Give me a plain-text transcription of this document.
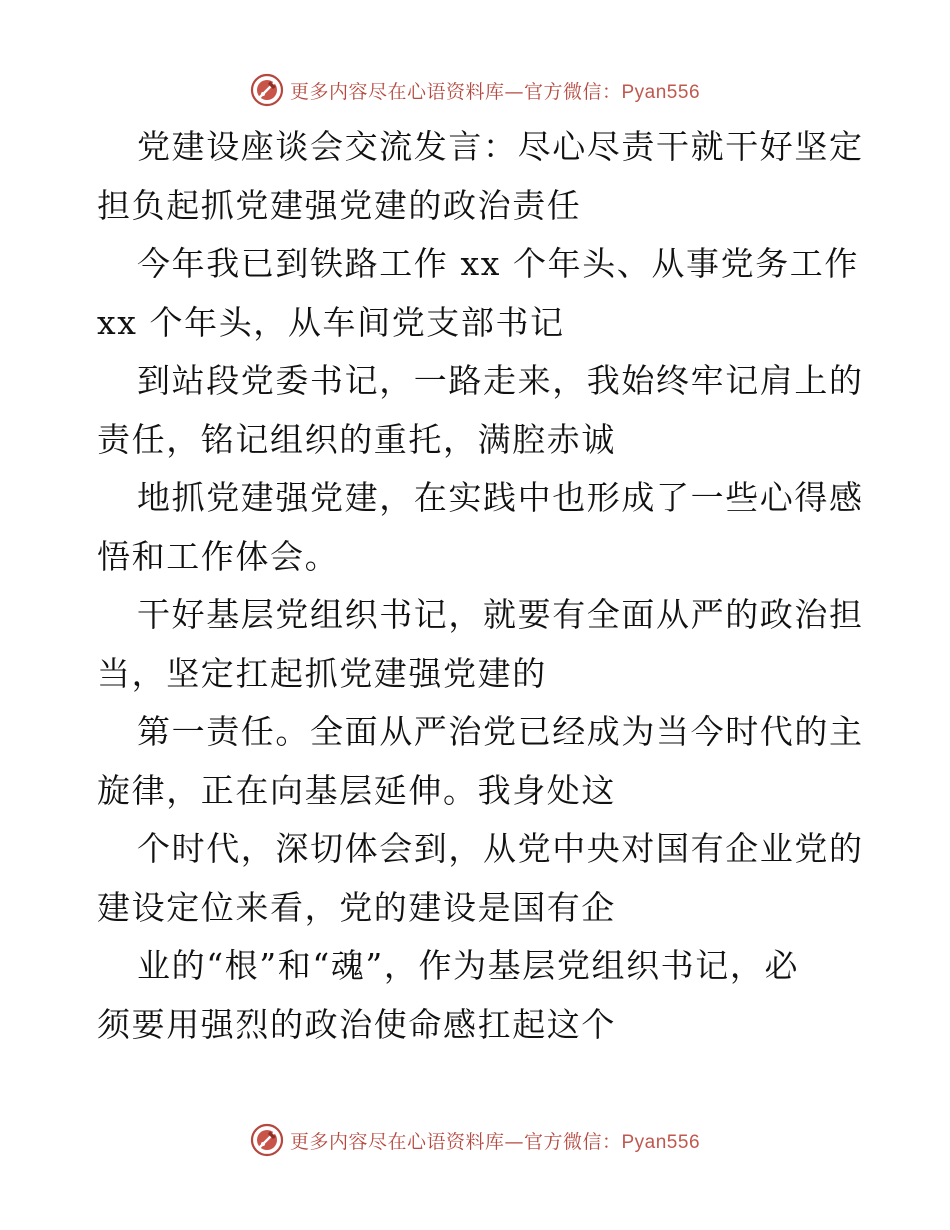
更多内容尽在心语资料库—官方微信：Pyan556
党建设座谈会交流发言：尽心尽责干就干好坚定
担负起抓党建强党建的政治责任
今年我已到铁路工作 xx 个年头、从事党务工作
xx 个年头，从车间党支部书记
到站段党委书记，一路走来，我始终牢记肩上的
责任，铭记组织的重托，满腔赤诚
地抓党建强党建，在实践中也形成了一些心得感
悟和工作体会。
干好基层党组织书记，就要有全面从严的政治担
当，坚定扛起抓党建强党建的
第一责任。全面从严治党已经成为当今时代的主
旋律，正在向基层延伸。我身处这
个时代，深切体会到，从党中央对国有企业党的
建设定位来看，党的建设是国有企
业的“根”和“魂”，作为基层党组织书记，必
须要用强烈的政治使命感扛起这个
更多内容尽在心语资料库—官方微信：Pyan556
